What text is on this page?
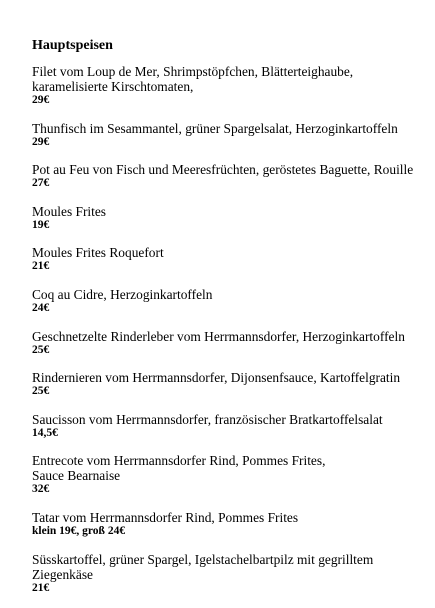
Hauptspeisen
Filet vom Loup de Mer, Shrimpstöpfchen, Blätterteighaube,
karamelisierte Kirschtomaten,
29€
Thunfisch im Sesammantel, grüner Spargelsalat, Herzoginkartoffeln
29€
Pot au Feu von Fisch und Meeresfrüchten, geröstetes Baguette, Rouille
27€
Moules Frites
19€
Moules Frites Roquefort
21€
Coq au Cidre, Herzoginkartoffeln
24€
Geschnetzelte Rinderleber vom Herrmannsdorfer, Herzoginkartoffeln
25€
Rindernieren vom Herrmannsdorfer, Dijonsenfsauce, Kartoffelgratin
25€
Saucisson vom Herrmannsdorfer, französischer Bratkartoffelsalat
14,5€
Entrecote vom Herrmannsdorfer Rind, Pommes Frites,
Sauce Bearnaise
32€
Tatar vom Herrmannsdorfer Rind, Pommes Frites
klein 19€, groß 24€
Süsskartoffel, grüner Spargel, Igelstachelbartpilz mit gegrilltem
Ziegenkäse
21€
